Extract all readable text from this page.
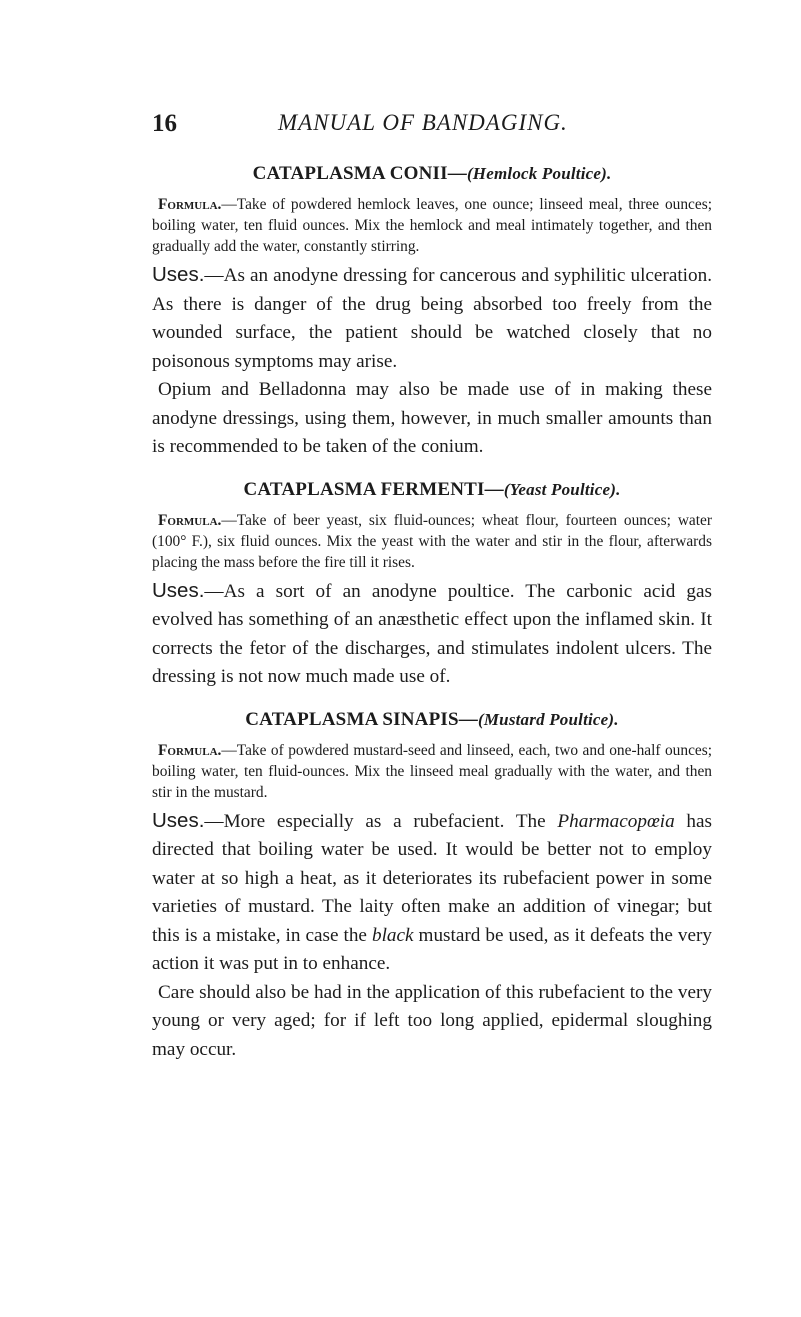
16	MANUAL OF BANDAGING.
CATAPLASMA CONII—(Hemlock Poultice).

Formula.—Take of powdered hemlock leaves, one ounce; linseed meal, three ounces; boiling water, ten fluid ounces. Mix the hemlock and meal intimately together, and then gradually add the water, constantly stirring.

Uses.—As an anodyne dressing for cancerous and syphilitic ulceration. As there is danger of the drug being absorbed too freely from the wounded surface, the patient should be watched closely that no poisonous symptoms may arise.

Opium and Belladonna may also be made use of in making these anodyne dressings, using them, however, in much smaller amounts than is recommended to be taken of the conium.

CATAPLASMA FERMENTI—(Yeast Poultice).

Formula.—Take of beer yeast, six fluid-ounces; wheat flour, fourteen ounces; water (100° F.), six fluid ounces. Mix the yeast with the water and stir in the flour, afterwards placing the mass before the fire till it rises.

Uses.—As a sort of an anodyne poultice. The carbonic acid gas evolved has something of an anæsthetic effect upon the inflamed skin. It corrects the fetor of the discharges, and stimulates indolent ulcers. The dressing is not now much made use of.

CATAPLASMA SINAPIS—(Mustard Poultice).

Formula.—Take of powdered mustard-seed and linseed, each, two and one-half ounces; boiling water, ten fluid-ounces. Mix the linseed meal gradually with the water, and then stir in the mustard.

Uses.—More especially as a rubefacient. The Pharmacopœia has directed that boiling water be used. It would be better not to employ water at so high a heat, as it deteriorates its rubefacient power in some varieties of mustard. The laity often make an addition of vinegar; but this is a mistake, in case the black mustard be used, as it defeats the very action it was put in to enhance.

Care should also be had in the application of this rubefacient to the very young or very aged; for if left too long applied, epidermal sloughing may occur.
